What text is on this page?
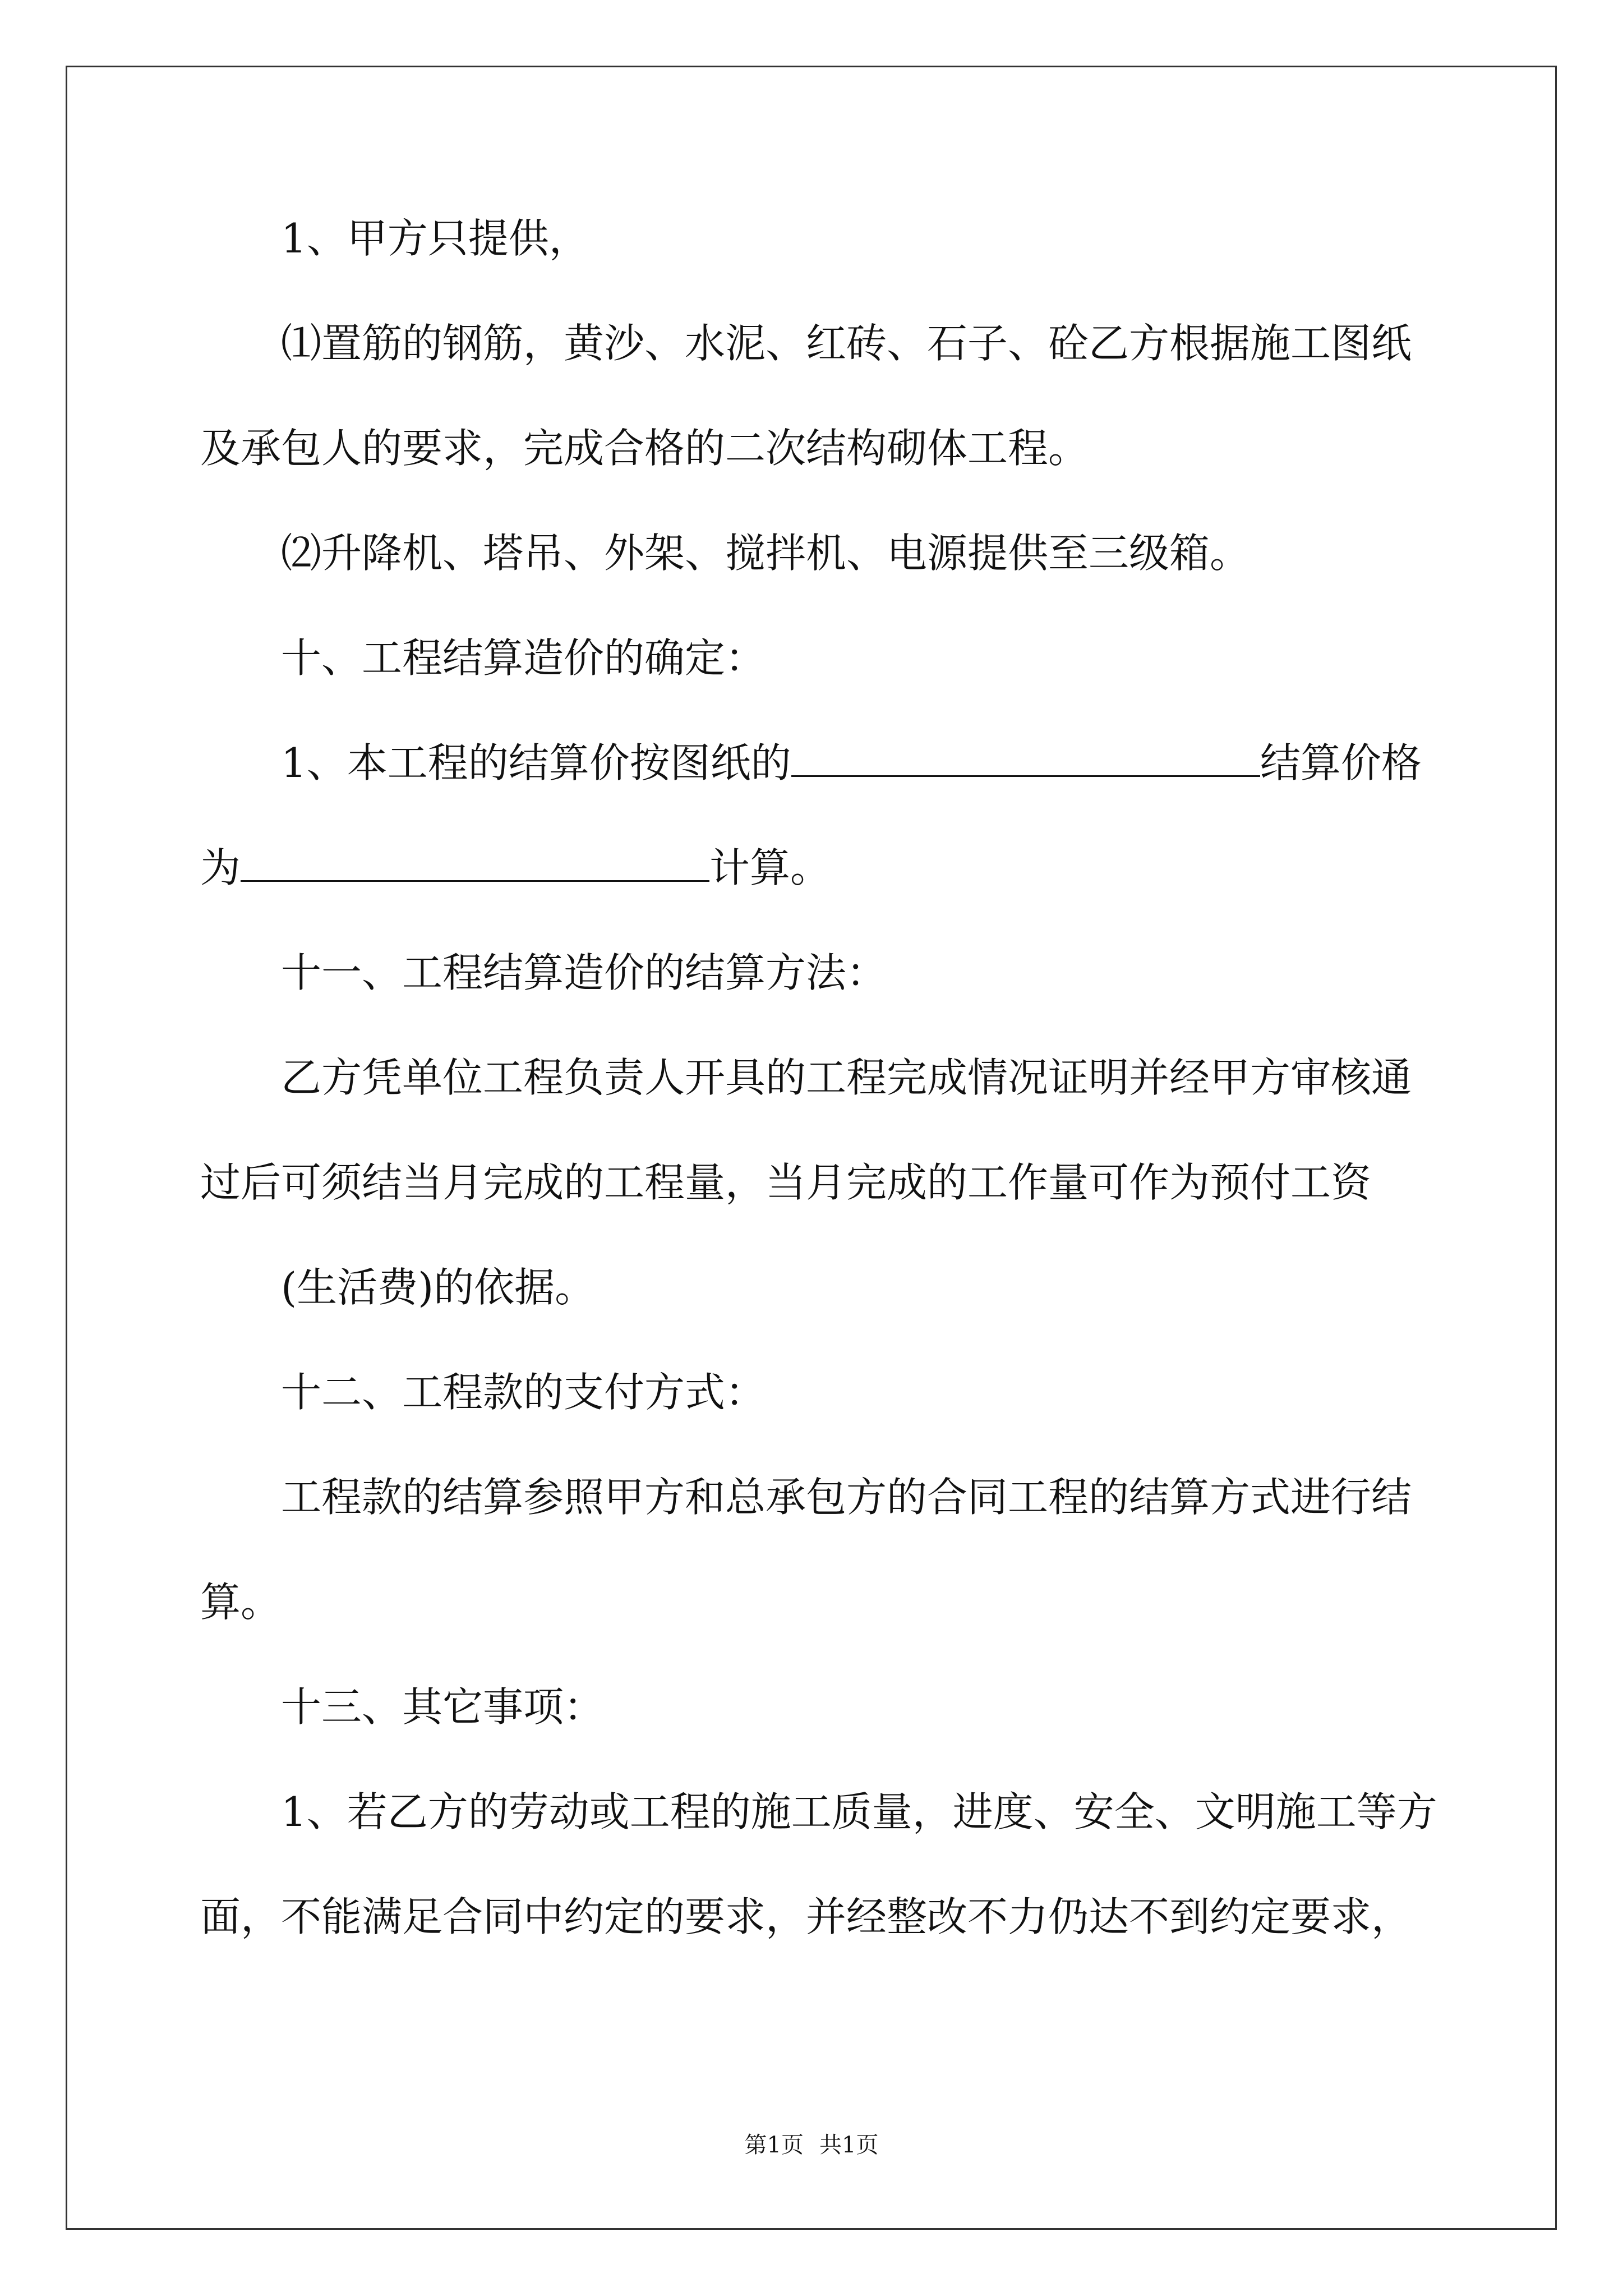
1、甲方只提供，
⑴置筋的钢筋，黄沙、水泥、红砖、石子、砼乙方根据施工图纸
及承包人的要求，完成合格的二次结构砌体工程。
⑵升降机、塔吊、外架、搅拌机、电源提供至三级箱。
十、工程结算造价的确定：
1、本工程的结算价按图纸的	结算价格
为	计算。
十一、工程结算造价的结算方法：
乙方凭单位工程负责人开具的工程完成情况证明并经甲方审核通
过后可须结当月完成的工程量，当月完成的工作量可作为预付工资
(生活费)的依据。
十二、工程款的支付方式：
工程款的结算参照甲方和总承包方的合同工程的结算方式进行结
算。
十三、其它事项：
1、若乙方的劳动或工程的施工质量，进度、安全、文明施工等方
面，不能满足合同中约定的要求，并经整改不力仍达不到约定要求，
第1页 共1页
